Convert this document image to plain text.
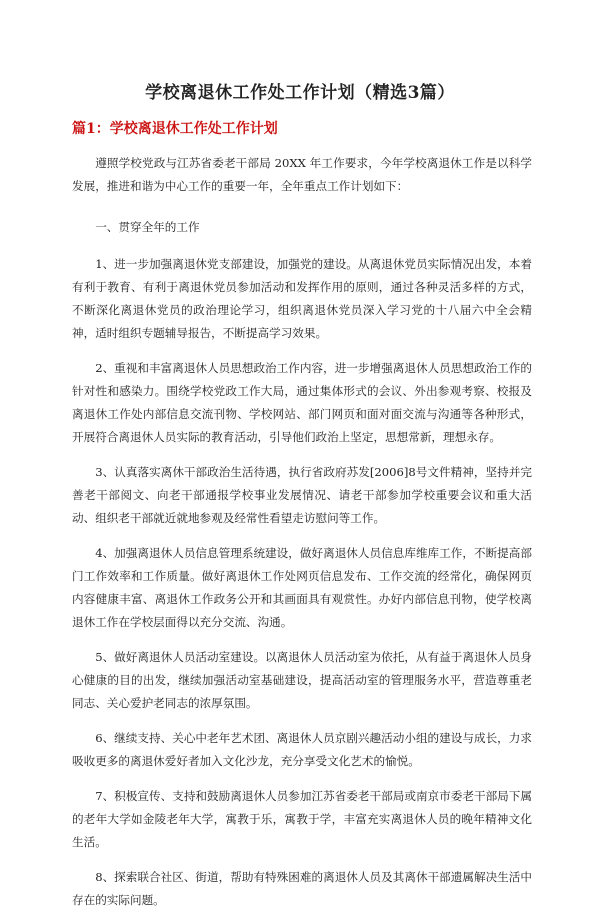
学校离退休工作处工作计划（精选3篇）
篇1：学校离退休工作处工作计划

遵照学校党政与江苏省委老干部局 20XX 年工作要求，今年学校离退休工作是以科学发展，推进和谐为中心工作的重要一年，全年重点工作计划如下：

一、贯穿全年的工作

1、进一步加强离退休党支部建设，加强党的建设。从离退休党员实际情况出发，本着有利于教育、有利于离退休党员参加活动和发挥作用的原则，通过各种灵活多样的方式，不断深化离退休党员的政治理论学习，组织离退休党员深入学习党的十八届六中全会精神，适时组织专题辅导报告，不断提高学习效果。

2、重视和丰富离退休人员思想政治工作内容，进一步增强离退休人员思想政治工作的针对性和感染力。围绕学校党政工作大局，通过集体形式的会议、外出参观考察、校报及离退休工作处内部信息交流刊物、学校网站、部门网页和面对面交流与沟通等各种形式，开展符合离退休人员实际的教育活动，引导他们政治上坚定，思想常新，理想永存。

3、认真落实离休干部政治生活待遇，执行省政府苏发[2006]8号文件精神，坚持并完善老干部阅文、向老干部通报学校事业发展情况、请老干部参加学校重要会议和重大活动、组织老干部就近就地参观及经常性看望走访慰问等工作。

4、加强离退休人员信息管理系统建设，做好离退休人员信息库维库工作，不断提高部门工作效率和工作质量。做好离退休工作处网页信息发布、工作交流的经常化，确保网页内容健康丰富、离退休工作政务公开和其画面具有观赏性。办好内部信息刊物，使学校离退休工作在学校层面得以充分交流、沟通。

5、做好离退休人员活动室建设。以离退休人员活动室为依托，从有益于离退休人员身心健康的目的出发，继续加强活动室基础建设，提高活动室的管理服务水平，营造尊重老同志、关心爱护老同志的浓厚氛围。

6、继续支持、关心中老年艺术团、离退休人员京剧兴趣活动小组的建设与成长，力求吸收更多的离退休爱好者加入文化沙龙，充分享受文化艺术的愉悦。

7、积极宣传、支持和鼓励离退休人员参加江苏省委老干部局或南京市委老干部局下属的老年大学如金陵老年大学，寓教于乐，寓教于学，丰富充实离退休人员的晚年精神文化生活。

8、探索联合社区、街道，帮助有特殊困难的离退休人员及其离休干部遗属解决生活中存在的实际问题。
